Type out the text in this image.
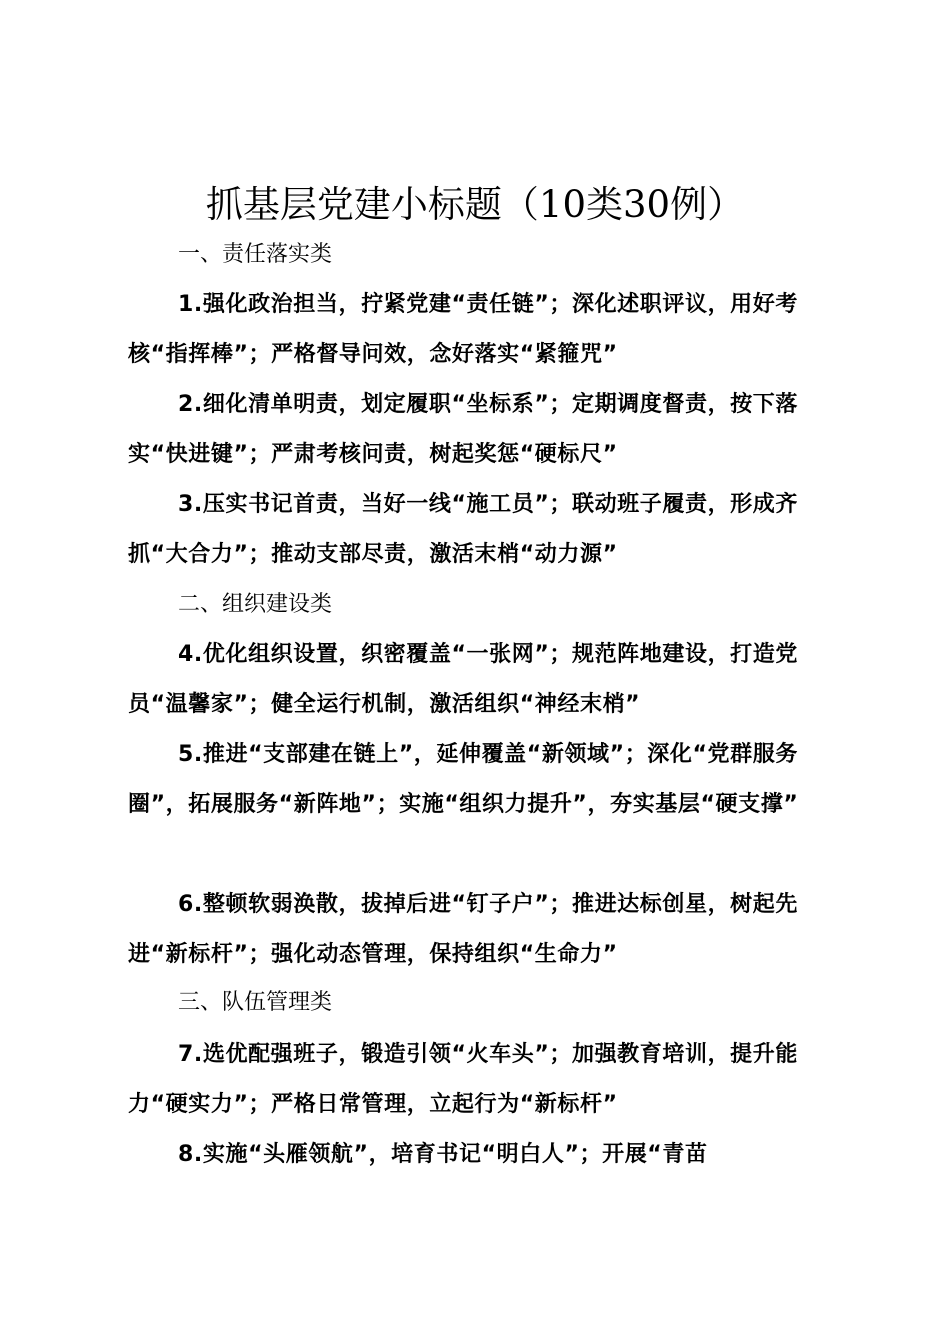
抓基层党建小标题（10类30例）
一、责任落实类
1.强化政治担当，拧紧党建“责任链”；深化述职评议，用好考核“指挥棒”；严格督导问效，念好落实“紧箍咒”
2.细化清单明责，划定履职“坐标系”；定期调度督责，按下落实“快进键”；严肃考核问责，树起奖惩“硬标尺”
3.压实书记首责，当好一线“施工员”；联动班子履责，形成齐抓“大合力”；推动支部尽责，激活末梢“动力源”
二、组织建设类
4.优化组织设置，织密覆盖“一张网”；规范阵地建设，打造党员“温馨家”；健全运行机制，激活组织“神经末梢”
5.推进“支部建在链上”，延伸覆盖“新领域”；深化“党群服务圈”，拓展服务“新阵地”；实施“组织力提升”，夯实基层“硬支撑”
6.整顿软弱涣散，拔掉后进“钉子户”；推进达标创星，树起先进“新标杆”；强化动态管理，保持组织“生命力”
三、队伍管理类
7.选优配强班子，锻造引领“火车头”；加强教育培训，提升能力“硬实力”；严格日常管理，立起行为“新标杆”
8.实施“头雁领航”，培育书记“明白人”；开展“青苗
